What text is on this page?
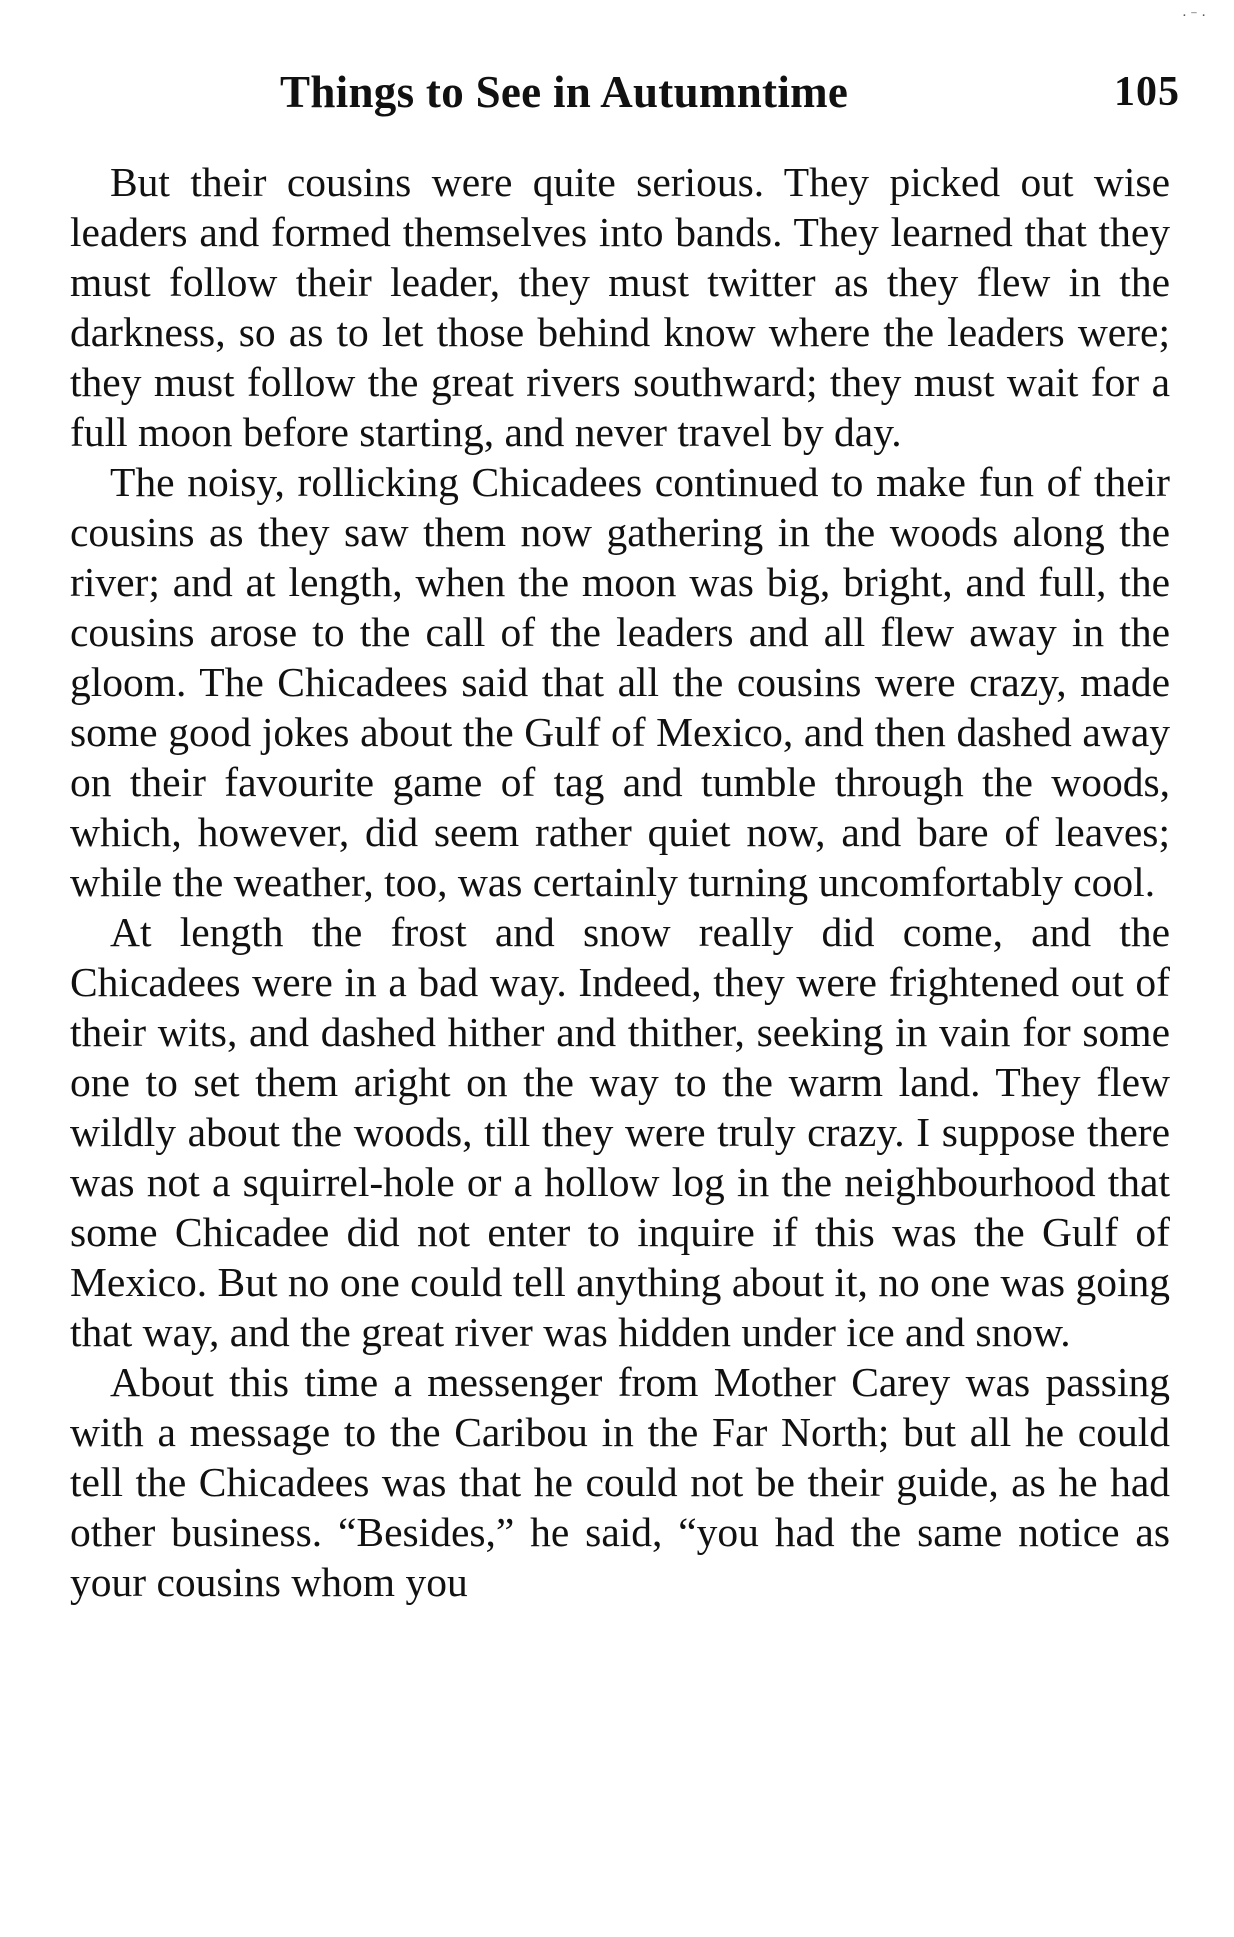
⋅ ⁻ ⋅
Things to See in Autumntime	105

But their cousins were quite serious. They picked out wise leaders and formed themselves into bands. They learned that they must follow their leader, they must twitter as they flew in the darkness, so as to let those behind know where the leaders were; they must follow the great rivers southward; they must wait for a full moon before starting, and never travel by day.

The noisy, rollicking Chicadees continued to make fun of their cousins as they saw them now gathering in the woods along the river; and at length, when the moon was big, bright, and full, the cousins arose to the call of the leaders and all flew away in the gloom. The Chicadees said that all the cousins were crazy, made some good jokes about the Gulf of Mexico, and then dashed away on their favourite game of tag and tumble through the woods, which, however, did seem rather quiet now, and bare of leaves; while the weather, too, was certainly turning uncomfortably cool.

At length the frost and snow really did come, and the Chicadees were in a bad way. Indeed, they were frightened out of their wits, and dashed hither and thither, seeking in vain for some one to set them aright on the way to the warm land. They flew wildly about the woods, till they were truly crazy. I suppose there was not a squirrel-hole or a hollow log in the neighbourhood that some Chicadee did not enter to inquire if this was the Gulf of Mexico. But no one could tell anything about it, no one was going that way, and the great river was hidden under ice and snow.

About this time a messenger from Mother Carey was passing with a message to the Caribou in the Far North; but all he could tell the Chicadees was that he could not be their guide, as he had other business. “Besides,” he said, “you had the same notice as your cousins whom you
